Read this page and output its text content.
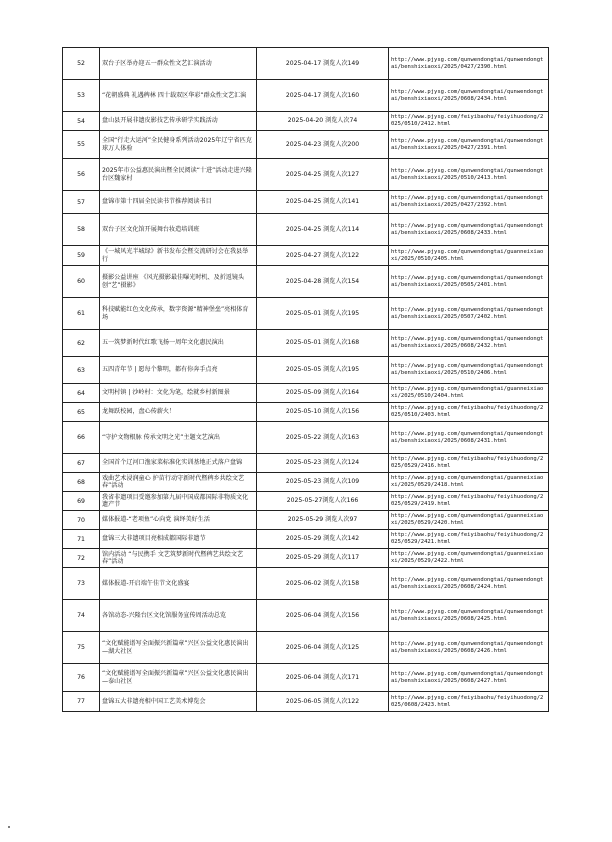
52	双台子区举办迎五一群众性文艺汇演活动	2025-04-17 浏览人次149	http://www.pjysg.com/qunwendongtai/qunwendongtai/benshixiaoxi/2025/0427/2390.html
53	“花朝盛典 礼遇稗林 四十载双区华彩”群众性文艺汇演	2025-04-17 浏览人次160	http://www.pjysg.com/qunwendongtai/qunwendongtai/benshixiaoxi/2025/0608/2434.html
54	盘山县开展非遗皮影技艺传承研学实践活动	2025-04-20 浏览人次74	http://www.pjysg.com/feiyibaohu/feiyihuodong/2025/0510/2412.html
55	全国“行走大运河”全民健身系列活动2025年辽宁省匹克球万人体验	2025-04-23 浏览人次200	http://www.pjysg.com/qunwendongtai/qunwendongtai/benshixiaoxi/2025/0427/2391.html
56	2025年市公益惠民演出暨全民阅读“十进”活动走进兴隆台区魏家村	2025-04-25 浏览人次127	http://www.pjysg.com/qunwendongtai/qunwendongtai/benshixiaoxi/2025/0510/2413.html
57	盘锦市第十四届全民读书节推荐阅读书目	2025-04-25 浏览人次141	http://www.pjysg.com/qunwendongtai/qunwendongtai/benshixiaoxi/2025/0427/2392.html
58	双台子区文化馆开展舞台妆造培训班	2025-04-25 浏览人次114	http://www.pjysg.com/qunwendongtai/qunwendongtai/benshixiaoxi/2025/0608/2433.html
59	《一城风光半城绿》新书发布会暨交流研讨会在我县举行	2025-04-27 浏览人次122	http://www.pjysg.com/qunwendongtai/guanneixiaoxi/2025/0510/2405.html
60	摄影公益讲座 《风光摄影最佳曝光时机、及折返镜头创“艺”摄影》	2025-04-28 浏览人次154	http://www.pjysg.com/qunwendongtai/qunwendongtai/benshixiaoxi/2025/0505/2401.html
61	科技赋能红色文化传承，数字资源“精神堡垒”亮相体育场	2025-05-01 浏览人次195	http://www.pjysg.com/qunwendongtai/qunwendongtai/benshixiaoxi/2025/0507/2402.html
62	五一筑梦新时代红歌飞扬一周年文化惠民演出	2025-05-01 浏览人次168	http://www.pjysg.com/qunwendongtai/qunwendongtai/benshixiaoxi/2025/0608/2432.html
63	五四青年节 | 愿每个黎明，都有你奔手点亮	2025-05-05 浏览人次195	http://www.pjysg.com/qunwendongtai/qunwendongtai/benshixiaoxi/2025/0510/2406.html
64	文明村镇 | 沙岭村：文化为笔，绘就乡村新图景	2025-05-09 浏览人次164	http://www.pjysg.com/qunwendongtai/guanneixiaoxi/2025/0510/2404.html
65	龙舞跃校园，盘心传薪火！	2025-05-10 浏览人次156	http://www.pjysg.com/feiyibaohu/feiyihuodong/2025/0510/2403.html
66	“守护文物根脉 传承文明之光”主题文艺演出	2025-05-22 浏览人次163	http://www.pjysg.com/qunwendongtai/qunwendongtai/benshixiaoxi/2025/0608/2431.html
67	全国首个辽河口渔家菜标准化实训基地正式落户盘锦	2025-05-23 浏览人次124	http://www.pjysg.com/feiyibaohu/feiyihuodong/2025/0529/2416.html
68	戏曲艺术浸润童心 护苗行动守新时代暨稗乡共绘文艺春”活动	2025-05-23 浏览人次109	http://www.pjysg.com/qunwendongtai/guanneixiaoxi/2025/0529/2418.html
69	我省非遗项目受邀参加第九届中国成都国际非物质文化遗产节	2025-05-27浏览人次166	http://www.pjysg.com/feiyibaohu/feiyihuodong/2025/0529/2419.html
70	媒体报道-“老项鱼”心向党 演绎美好生活	2025-05-29 浏览人次97	http://www.pjysg.com/qunwendongtai/guanneixiaoxi/2025/0529/2420.html
71	盘锦三大非遗项目亮相成都国际非遗节	2025-05-29 浏览人次142	http://www.pjysg.com/feiyibaohu/feiyihuodong/2025/0529/2421.html
72	馆内活动 “与民携手 文艺筑梦新时代暨稗艺共绘文艺春”活动	2025-05-29 浏览人次117	http://www.pjysg.com/qunwendongtai/guanneixiaoxi/2025/0529/2422.html
73	媒体报道-开启端午佳节文化盛宴	2025-06-02 浏览人次158	http://www.pjysg.com/qunwendongtai/qunwendongtai/benshixiaoxi/2025/0608/2424.html
74	各馆动态-兴隆台区文化馆服务宣传周活动总览	2025-06-04 浏览人次156	http://www.pjysg.com/qunwendongtai/qunwendongtai/benshixiaoxi/2025/0608/2425.html
75	“文化赋能谱写全面振兴新篇章”兴区公益文化惠民演出—湖大社区	2025-06-04 浏览人次125	http://www.pjysg.com/qunwendongtai/qunwendongtai/benshixiaoxi/2025/0608/2426.html
76	“文化赋能谱写全面振兴新篇章”兴区公益文化惠民演出—泰山社区	2025-06-04 浏览人次171	http://www.pjysg.com/qunwendongtai/qunwendongtai/benshixiaoxi/2025/0608/2427.html
77	盘锦五大非遗亮相中国工艺美术博览会	2025-06-05 浏览人次122	http://www.pjysg.com/feiyibaohu/feiyihuodong/2025/0608/2423.html
